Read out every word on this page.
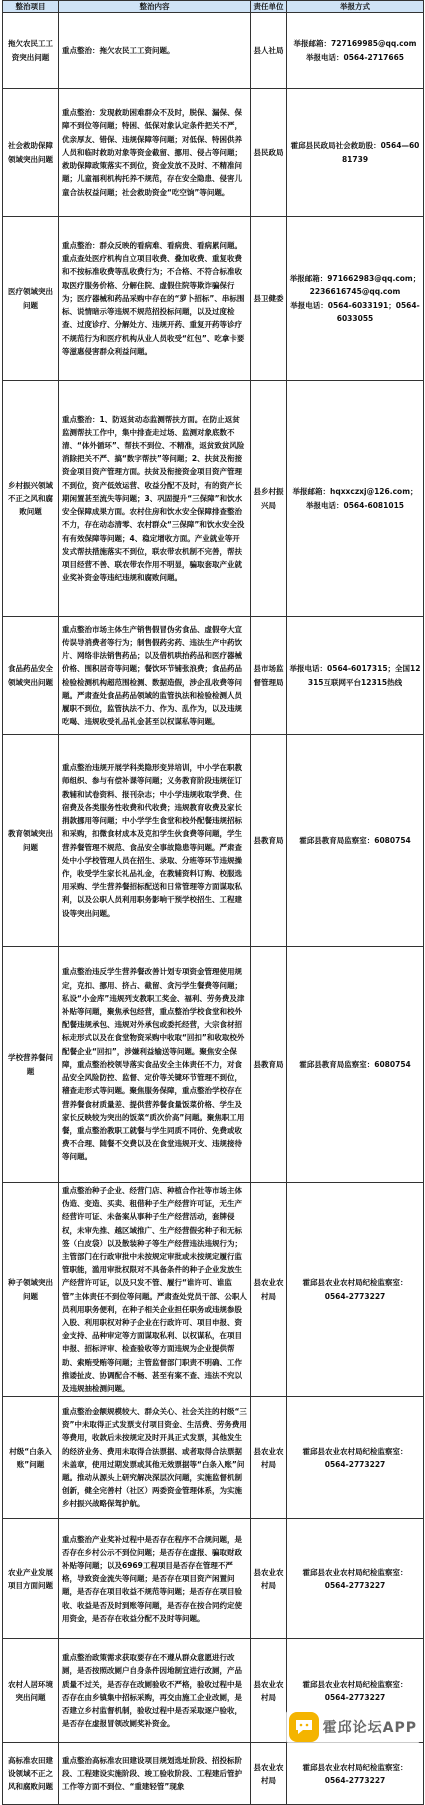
整治项目	整治内容	责任单位	举报方式
拖欠农民工工资突出问题	重点整治：拖欠农民工工资问题。	县人社局	举报邮箱：727169985@qq.com
举报电话：0564-2717665
社会救助保障领域突出问题	重点整治：发现救助困难群众不及时，脱保、漏保、保障不到位等问题；特困、低保对象认定条件把关不严，优亲厚友、错保、违规保障等问题；对低保、特困供养人员和临时救助对象等资金截留、挪用、侵占等问题；救助保障政策落实不到位，资金发放不及时、不精准问题；儿童福利机构托养不规范，存在安全隐患、侵害儿童合法权益问题；社会救助资金“吃空饷”等问题。	县民政局	霍邱县民政局社会救助股：0564—6081739
医疗领域突出问题	重点整治：群众反映的看病难、看病贵、看病累问题。重点查处医疗机构自立项目收费、叠加收费、重复收费和不按标准收费等乱收费行为；不合格、不符合标准收取医疗服务价格、分解住院、虚假住院等欺诈骗保行为；医疗器械和药品采购中存在的“萝卜招标”、串标围标、说情暗示等违规不规范招投标问题，以及过度检查、过度诊疗、分解处方、违规开药、重复开药等诊疗不规范行为和医疗机构从业人员收受“红包”、吃拿卡要等滋惠侵害群众利益问题。	县卫健委	举报邮箱：971662983@qq.com；2236616745@qq.com
举报电话：0564-6033191；0564-6033055
乡村振兴领域不正之风和腐败问题	重点整治：1、防返贫动态监测帮扶方面。在防止返贫监测帮扶工作中，集中排查走过场、监测对象底数不清、“体外循环”、帮扶不到位、不精准，返贫致贫风险消除把关不严、搞“数字帮扶”等问题；2、扶贫及衔接资金项目资产管理方面。扶贫及衔接资金项目资产管理不到位，资产低效运营、收益分配不及时，有的资产长期闲置甚至流失等问题；3、巩固提升“三保障”和饮水安全保障成果方面。农村住房和饮水安全保障排查整治不力，存在动态清零、农村群众“三保障”和饮水安全没有有效保障等问题；4、稳定增收方面。产业就业等开发式帮扶措施落实不到位，联农带农机制不完善，帮扶项目经营不善、联农带农作用不明显，骗取套取产业就业奖补资金等违纪违规和腐败问题。	县乡村振兴局	举报邮箱：hqxxczxj@126.com；
举报电话：0564-6081015
食品药品安全领域突出问题	重点整治市场主体生产销售假冒伪劣食品、虚假夸大宣传误导消费者等行为；制售假药劣药、违法生产中药饮片、网络非法销售药品；以及借机哄抬药品和医疗器械价格、围积居奇等问题；餐饮环节铺张浪费；食品药品检验检测机构超范围检测、数据造假，涉企乱收费等问题。严肃查处食品药品领域的监管执法和检验检测人员履职不到位，监管执法不力、作为、乱作为，以及违规吃喝、违规收受礼品礼金甚至以权谋私等问题。	县市场监督管理局	举报电话：0564-6017315；全国12315互联网平台12315热线
教育领域突出问题	重点整治违规开展学科类隐形变异培训，中小学在职教师组织、参与有偿补课等问题；义务教育阶段违规征订教辅和试卷资料、报刊杂志；中小学违规收取学费、住宿费及各类服务性收费和代收费；违规教育收费及家长捐款挪用等问题；中小学学生食堂和校外配餐违规招标和采购，扣微食材成本及克扣学生伙食费等问题，学生营养餐管理不规范、食品安全事故隐患等问题。严肃查处中小学校管理人员在招生、录取、分班等环节违规操作，收受学生家长礼品礼金，在教辅资料订购、校服选用采购、学生营养餐招标配送和日常管理等方面谋取私利，以及公职人员利用职务影响干预学校招生、工程建设等突出问题。	县教育局	霍邱县教育局监察室：6080754
学校营养餐问题	重点整治违反学生营养餐改善计划专项资金管理使用规定，克扣、挪用、挤占、截留、贪污学生餐费等问题；私设“小金库”违规列支教职工奖金、福利、劳务费及津补贴等问题，聚焦承包经营，重点整治学校食堂和校外配餐违规承包、违规对外承包或委托经营，大宗食材招标走形式以及在食堂物资采购中收取“回扣”和收取校外配餐企业“回扣”，涉嫌利益输送等问题。聚焦安全保障，重点整治校领导落实食品安全主体责任不力，对食品安全风险防控、监督、定价等关键环节管理不到位，稽查走形式等问题。聚焦服务保障，重点整治学校存在营养餐食材质量差、提供营养餐食量饭菜价格、学生及家长反映较为突出的饭菜“质次价高”问题。聚焦职工用餐，重点整治教职工就餐与学生同质不同价、免费或收费不合理、随餐不交费以及在食堂违规开支、违规接待等问题。	县教育局	霍邱县教育局监察室：6080754
种子领域突出问题	重点整治种子企业、经营门店、种植合作社等市场主体伪造、变造、买卖、租借种子生产经营许可证，无生产经营许可证、未备案从事种子生产经营活动，套牌侵权，未审先推、越区域推广、生产经营假劣种子和无标签（白皮袋）以及散装种子等生产经营违法违规行为；主管部门在行政审批中未按规定审批或未按规定履行监管职能，滥用审批权限对不具备条件的种子企业发放生产经营许可证，以及只发不管、履行“谁许可、谁监管”主体责任不到位等问题。严肃查处党员干部、公职人员利用职务便利，在种子相关企业担任职务或违规参股入股、利用职权对种子企业在行政许可、项目申报、资金支持、品种审定等方面谋取私利、以权谋私，在项目申报、招标评审、检查验收等方面违规为企业提供帮助、索贿受贿等问题；主管监督部门职责不明确、工作推诿扯皮、协调配合不畅、甚至有案不查、违法不究以及违规抽检测问题。	县农业农村局	霍邱县农业农村局纪检监察室：
0564-2773227
村级“白条入账”问题	重点整治金额规模较大、群众关心、社会关注的村级“三资”中未取得正式发票支付项目资金、生活费、劳务费用等费用，收款后未按规定及时开具正式发票，其他发生的经济业务、费用未取得合法票据、或者取得合法票据未盖章，使用过期发票或其他无效票据等“白条入账”问题。推动从源头上研究解决深层次问题，实施监督机制创新，健全完善村（社区）两委资金管理体系，为实施乡村振兴战略保驾护航。	县农业农村局	霍邱县农业农村局纪检监察室：
0564-2773227
农业产业发展项目方面问题	重点整治产业奖补过程中是否存在程序不合规问题，是否存在乡村公示不到位问题；是否存在虚报、骗取财政补贴等问题；以及6969工程项目是否存在管理不严格，导致资金流失等问题；是否存在项目资产闲置问题，是否存在项目收益不规范等问题；是否存在项目验收、收益是否及时到账等问题，是否存在按合同约定使用资金，是否存在收益分配不及时等问题。	县农业农村局	霍邱县农业农村局纪检监察室：
0564-2773227
农村人居环境突出问题	重点整治政策需求获取要存在不遵从群众意愿进行改厕，是否按照改厕户自身条件因地制宜进行改厕，产品质量不过关，是否存在改厕验收不严格，验收过程中是否存在由乡镇集中招标采购，再交由施工企业改厕，是否建立乡村监督机制，验收过程中是否采取逐户验收，是否存在虚报冒领改厕奖补资金。	县农业农村局	霍邱县农业农村局纪检监察室：
0564-2773227
高标准农田建设领域不正之风和腐败问题	重点整治高标准农田建设项目规划选址阶段、招投标阶段、工程建设实施阶段、竣工验收阶段、工程建后管护工作等方面不到位、“重建轻管”现象	县农业农村局	霍邱县农业农村局纪检监察室：
0564-2773227
霍邱论坛APP
